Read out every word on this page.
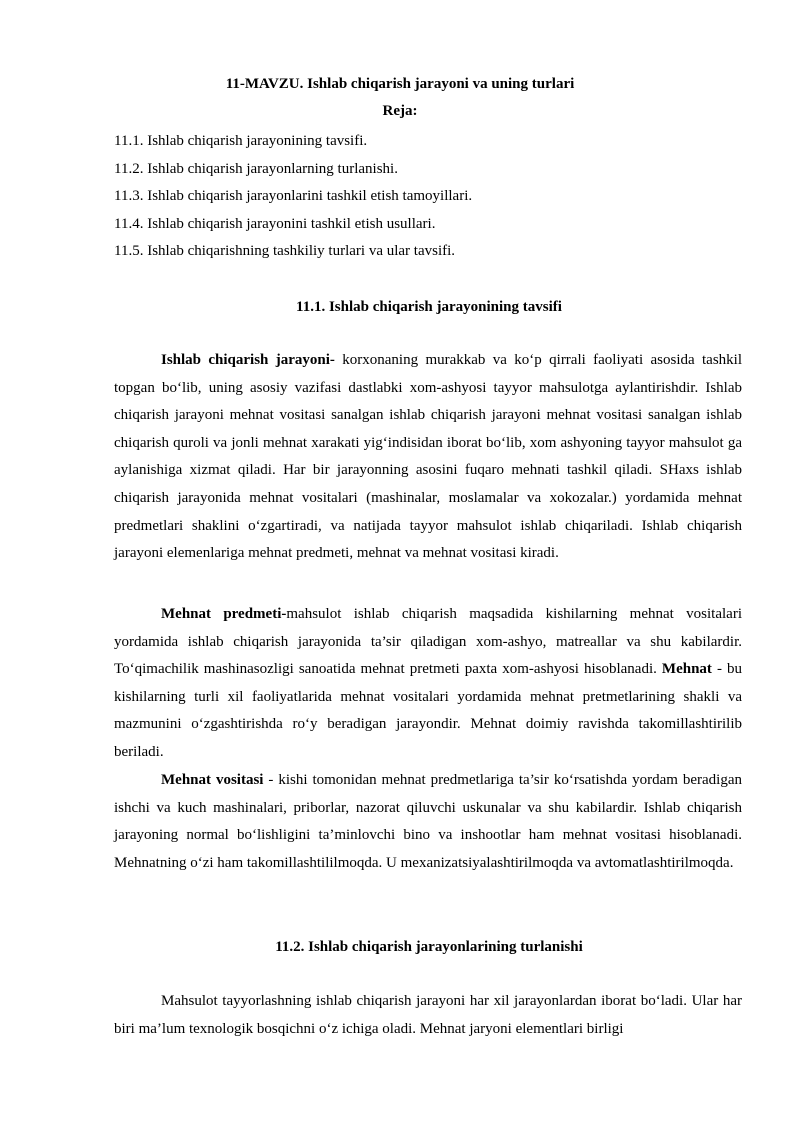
11-MAVZU. Ishlab chiqarish jarayoni va uning turlari
Reja:
11.1. Ishlab chiqarish jarayonining tavsifi.
11.2. Ishlab chiqarish jarayonlarning turlanishi.
11.3. Ishlab chiqarish jarayonlarini tashkil etish tamoyillari.
11.4. Ishlab chiqarish jarayonini tashkil etish usullari.
11.5. Ishlab chiqarishning tashkiliy turlari va ular tavsifi.
11.1. Ishlab chiqarish jarayonining tavsifi

Ishlab chiqarish jarayoni- korxonaning murakkab va ko‘p qirrali faoliyati asosida tashkil topgan bo‘lib, uning asosiy vazifasi dastlabki xom-ashyosi tayyor mahsulotga aylantirishdir. Ishlab chiqarish jarayoni mehnat vositasi sanalgan ishlab chiqarish jarayoni mehnat vositasi sanalgan ishlab chiqarish quroli va jonli mehnat xarakati yig‘indisidan iborat bo‘lib, xom ashyoning tayyor mahsulot ga aylanishiga xizmat qiladi. Har bir jarayonning asosini fuqaro mehnati tashkil qiladi. SHaxs ishlab chiqarish jarayonida mehnat vositalari (mashinalar, moslamalar va xokozalar.) yordamida mehnat predmetlari shaklini o‘zgartiradi, va natijada tayyor mahsulot ishlab chiqariladi. Ishlab chiqarish jarayoni elemenlariga mehnat predmeti, mehnat va mehnat vositasi kiradi.

Mehnat predmeti-mahsulot ishlab chiqarish maqsadida kishilarning mehnat vositalari yordamida ishlab chiqarish jarayonida ta’sir qiladigan xom-ashyo, matreallar va shu kabilardir. To‘qimachilik mashinasozligi sanoatida mehnat pretmeti paxta xom-ashyosi hisoblanadi. Mehnat - bu kishilarning turli xil faoliyatlarida mehnat vositalari yordamida mehnat pretmetlarining shakli va mazmunini o‘zgashtirishda ro‘y beradigan jarayondir. Mehnat doimiy ravishda takomillashtirilib beriladi.

Mehnat vositasi - kishi tomonidan mehnat predmetlariga ta’sir ko‘rsatishda yordam beradigan ishchi va kuch mashinalari, priborlar, nazorat qiluvchi uskunalar va shu kabilardir. Ishlab chiqarish jarayoning normal bo‘lishligini ta’minlovchi bino va inshootlar ham mehnat vositasi hisoblanadi. Mehnatning o‘zi ham takomillashtililmoqda. U mexanizatsiyalashtirilmoqda va avtomatlashtirilmoqda.

11.2. Ishlab chiqarish jarayonlarining turlanishi

Mahsulot tayyorlashning ishlab chiqarish jarayoni har xil jarayonlardan iborat bo‘ladi. Ular har biri ma’lum texnologik bosqichni o‘z ichiga oladi. Mehnat jaryoni elementlari birligi
